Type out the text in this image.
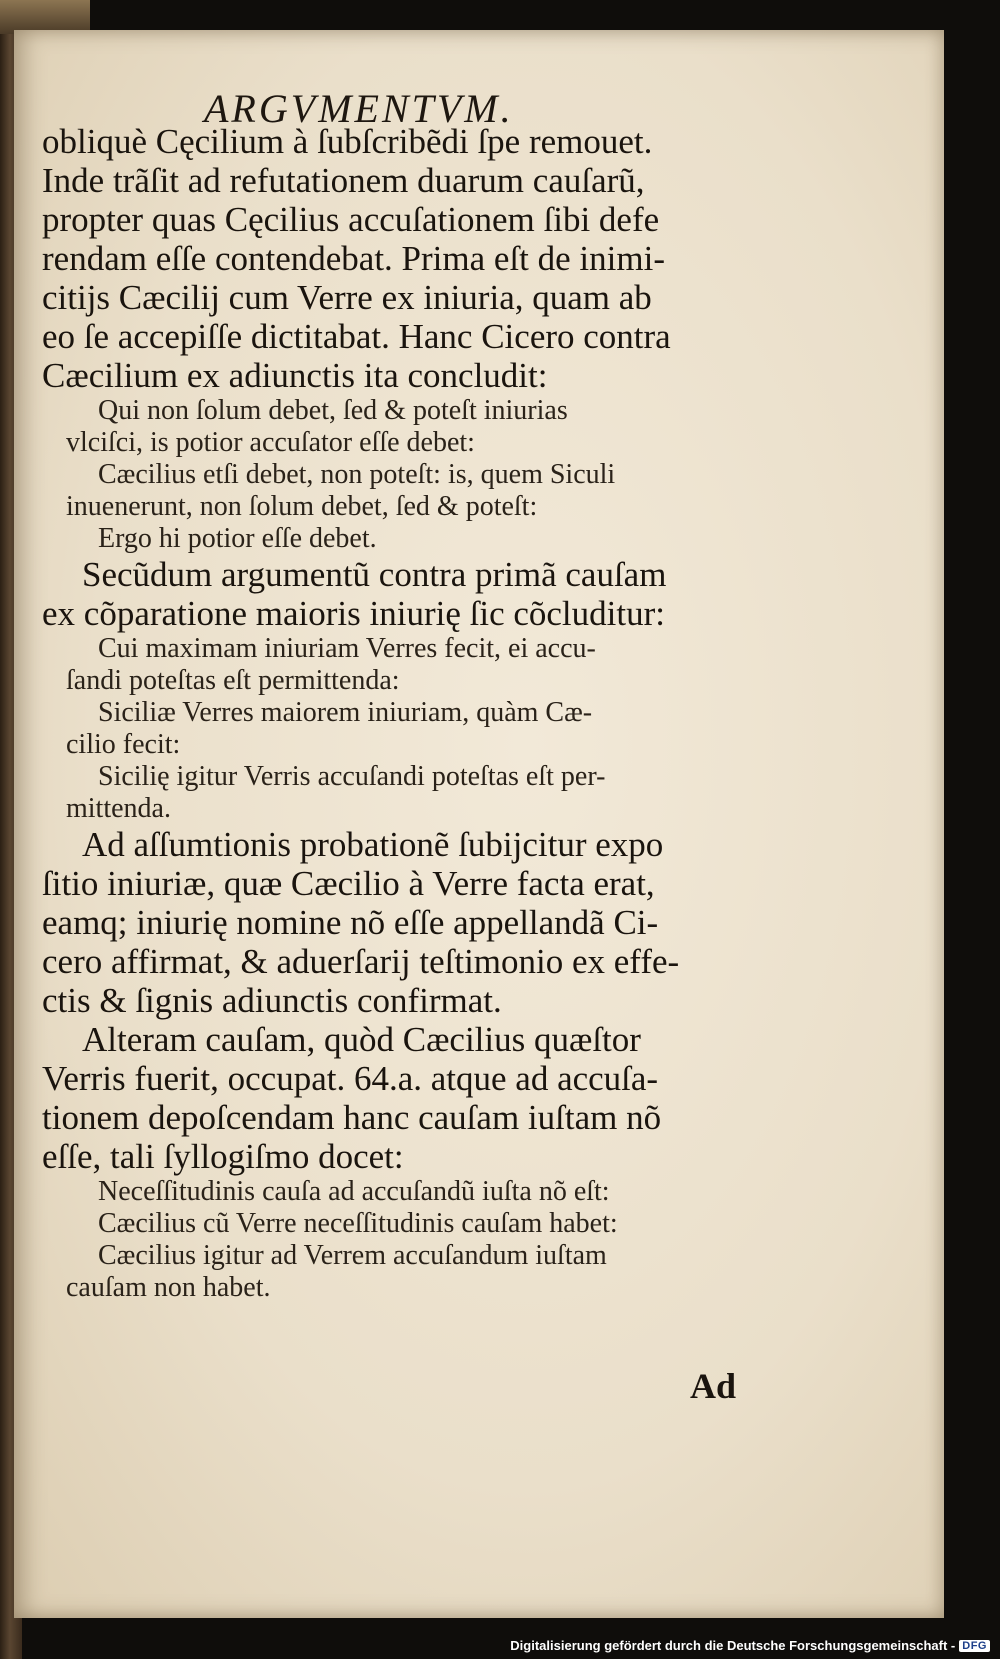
ARGVMENTVM.
obliquè Cęcilium à ſubſcribẽdi ſpe remouet.
Inde trãſit ad refutationem duarum cauſarũ,
propter quas Cęcilius accuſationem ſibi defe
rendam eſſe contendebat. Prima eſt de inimi-
citijs Cæcilij cum Verre ex iniuria, quam ab
eo ſe accepiſſe dictitabat. Hanc Cicero contra
Cæcilium ex adiunctis ita concludit:
Qui non ſolum debet, ſed & poteſt iniurias
vlciſci, is potior accuſator eſſe debet:
Cæcilius etſi debet, non poteſt: is, quem Siculi
inuenerunt, non ſolum debet, ſed & poteſt:
Ergo hi potior eſſe debet.
Secũdum argumentũ contra primã cauſam
ex cõparatione maioris iniurię ſic cõcluditur:
Cui maximam iniuriam Verres fecit, ei accu-
ſandi poteſtas eſt permittenda:
Siciliæ Verres maiorem iniuriam, quàm Cæ-
cilio fecit:
Sicilię igitur Verris accuſandi poteſtas eſt per-
mittenda.
Ad aſſumtionis probationẽ ſubijcitur expo
ſitio iniuriæ, quæ Cæcilio à Verre facta erat,
eamq; iniurię nomine nõ eſſe appellandã Ci-
cero affirmat, & aduerſarij teſtimonio ex effe-
ctis & ſignis adiunctis confirmat.
Alteram cauſam, quòd Cæcilius quæſtor
Verris fuerit, occupat. 64.a. atque ad accuſa-
tionem depoſcendam hanc cauſam iuſtam nõ
eſſe, tali ſyllogiſmo docet:
Neceſſitudinis cauſa ad accuſandũ iuſta nõ eſt:
Cæcilius cũ Verre neceſſitudinis cauſam habet:
Cæcilius igitur ad Verrem accuſandum iuſtam
cauſam non habet.
Ad
Digitalisierung gefördert durch die Deutsche Forschungsgemeinschaft - DFG
